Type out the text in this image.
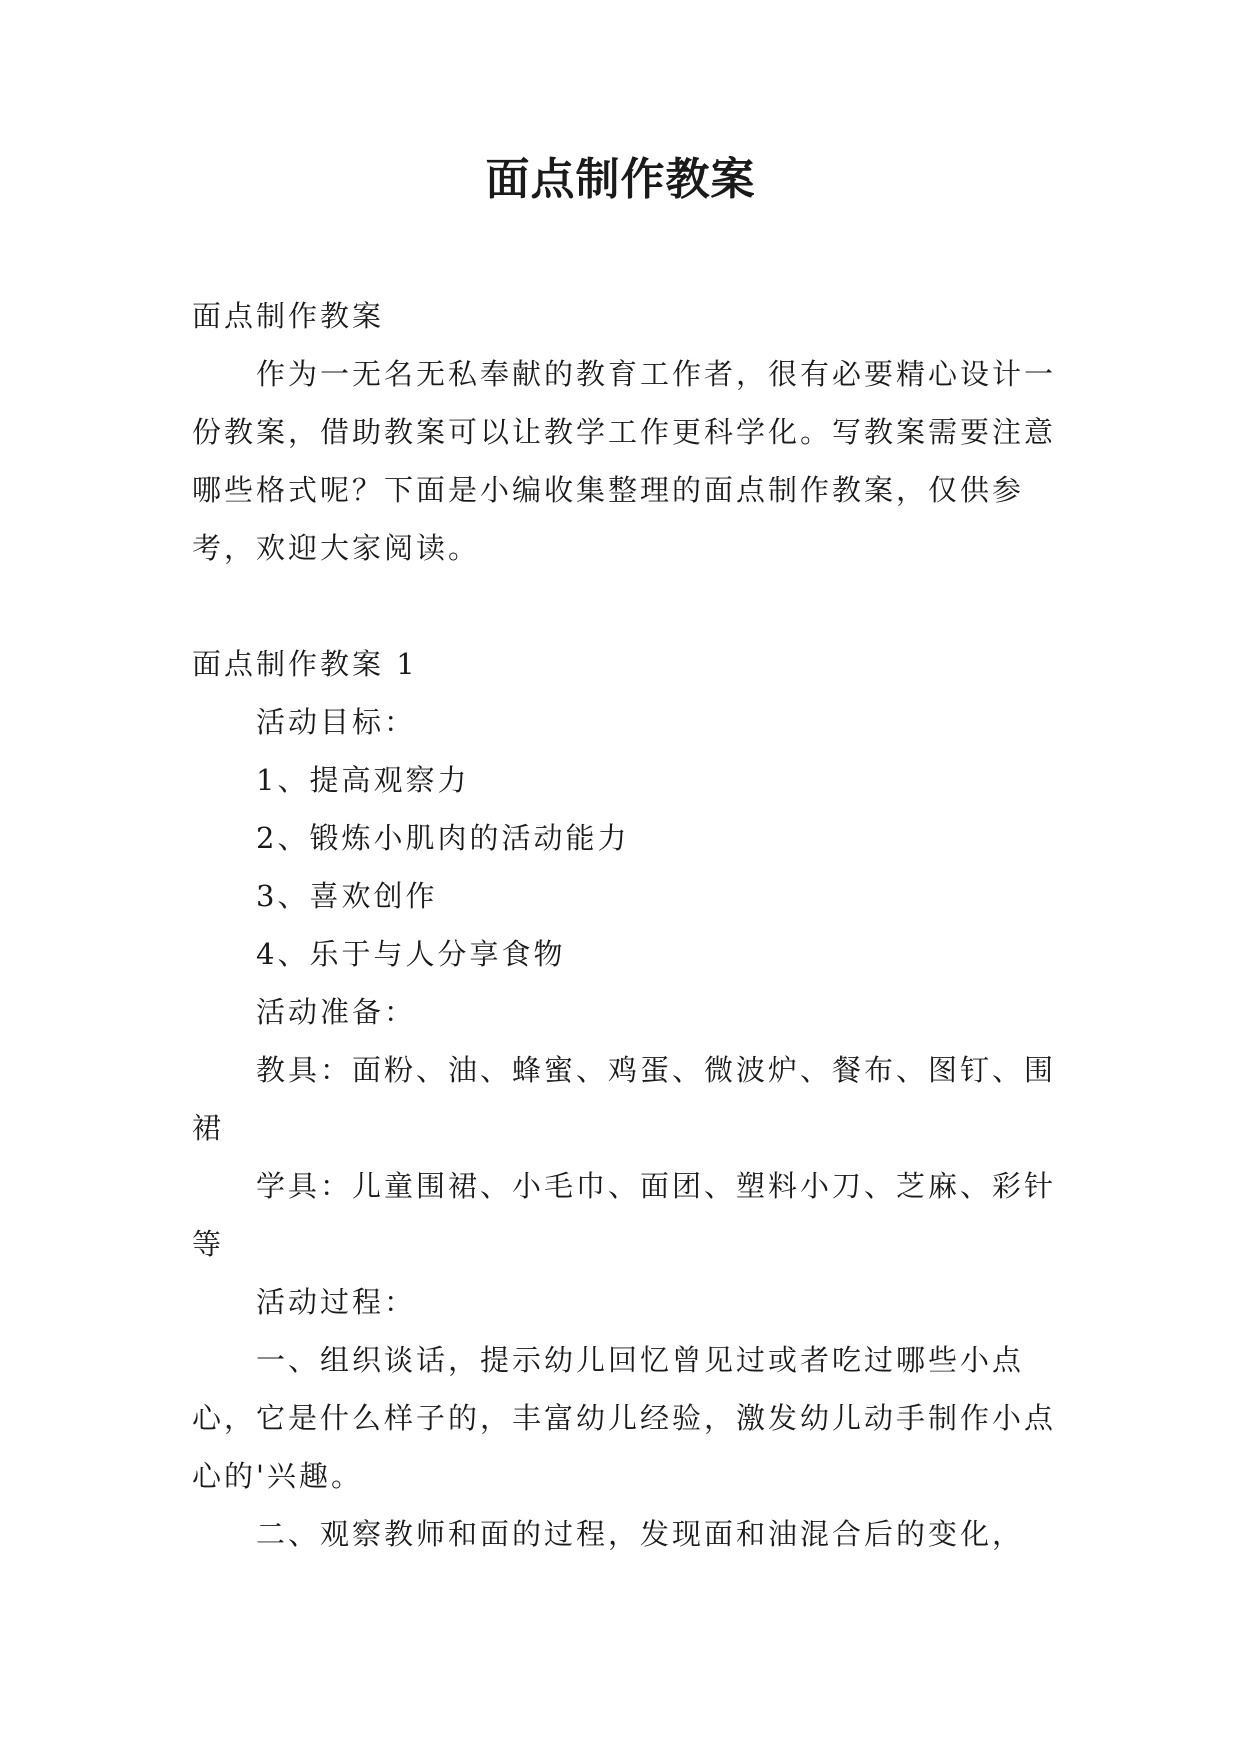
面点制作教案

面点制作教案

作为一无名无私奉献的教育工作者，很有必要精心设计一份教案，借助教案可以让教学工作更科学化。写教案需要注意哪些格式呢？下面是小编收集整理的面点制作教案，仅供参考，欢迎大家阅读。

面点制作教案 1

活动目标：

1、提高观察力

2、锻炼小肌肉的活动能力

3、喜欢创作

4、乐于与人分享食物

活动准备：

教具：面粉、油、蜂蜜、鸡蛋、微波炉、餐布、图钉、围裙

学具：儿童围裙、小毛巾、面团、塑料小刀、芝麻、彩针等

活动过程：

一、组织谈话，提示幼儿回忆曾见过或者吃过哪些小点心，它是什么样子的，丰富幼儿经验，激发幼儿动手制作小点心的'兴趣。

二、观察教师和面的过程，发现面和油混合后的变化，
